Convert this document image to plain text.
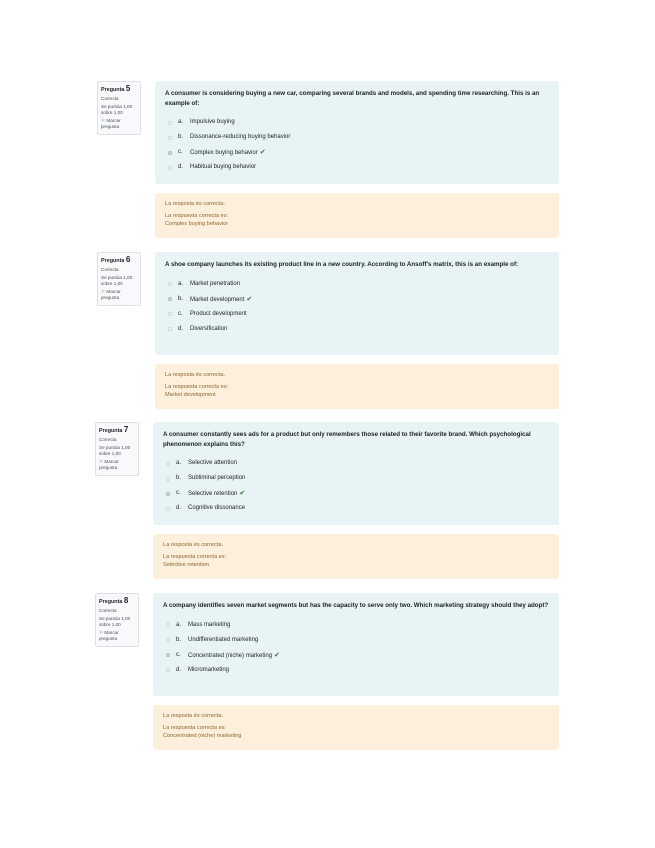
Pregunta 5
Correcta
Se puntúa 1,00 sobre 1,00
⚐ Marcar pregunta
A consumer is considering buying a new car, comparing several brands and models, and spending time researching. This is an example of:
a. Impulsive buying
b. Dissonance-reducing buying behavior
c. Complex buying behavior ✔
d. Habitual buying behavior
La resposta és correcta.
La respuesta correcta es:
Complex buying behavior
Pregunta 6
Correcta
Se puntúa 1,00 sobre 1,00
⚐ Marcar pregunta
A shoe company launches its existing product line in a new country. According to Ansoff's matrix, this is an example of:
a. Market penetration
b. Market development ✔
c. Product development
d. Diversification
La resposta és correcta.
La respuesta correcta es:
Market development
Pregunta 7
Correcta
Se puntúa 1,00 sobre 1,00
⚐ Marcar pregunta
A consumer constantly sees ads for a product but only remembers those related to their favorite brand. Which psychological phenomenon explains this?
a. Selective attention
b. Subliminal perception
c. Selective retention ✔
d. Cognitive dissonance
La resposta és correcta.
La respuesta correcta es:
Selective retention
Pregunta 8
Correcta
Se puntúa 1,00 sobre 1,00
⚐ Marcar pregunta
A company identifies seven market segments but has the capacity to serve only two. Which marketing strategy should they adopt?
a. Mass marketing
b. Undifferentiated marketing
c. Concentrated (niche) marketing ✔
d. Micromarketing
La resposta és correcta.
La respuesta correcta es:
Concentrated (niche) marketing
